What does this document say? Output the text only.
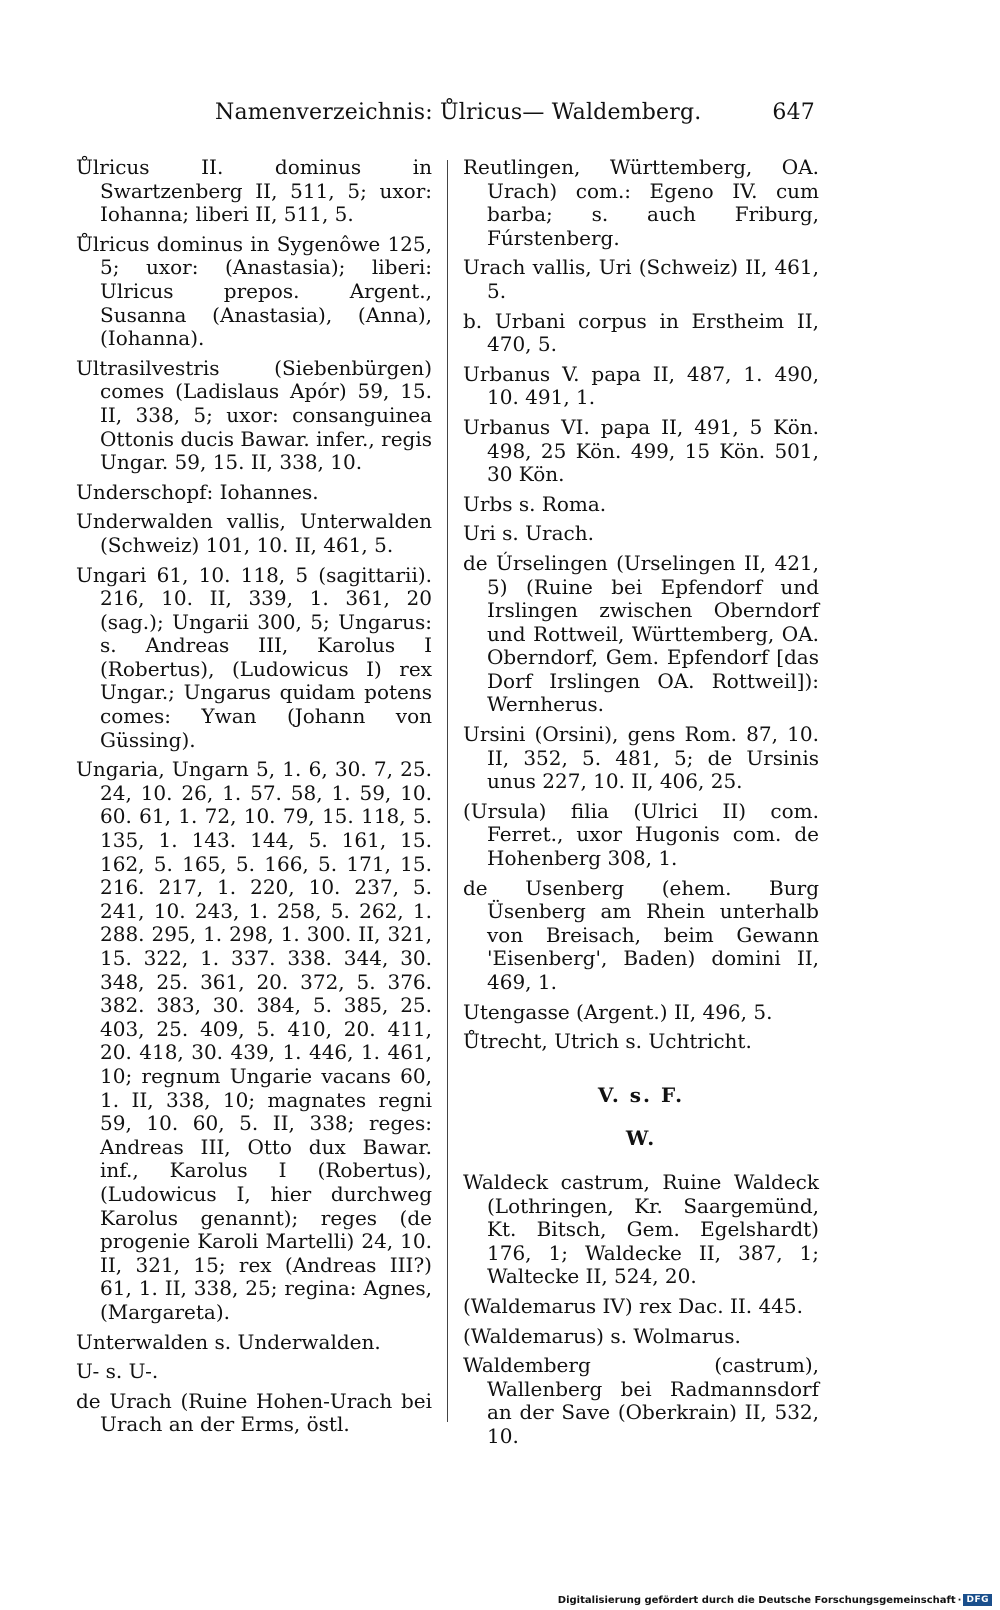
Namenverzeichnis: Ůlricus— Waldemberg.	647
Ůlricus II. dominus in Swartzenberg II, 511, 5; uxor: Iohanna; liberi II, 511, 5.
Ůlricus dominus in Sygenôwe 125, 5; uxor: (Anastasia); liberi: Ulricus prepos. Argent., Susanna (Anastasia), (Anna), (Iohanna).
Ultrasilvestris (Siebenbürgen) comes (Ladislaus Apór) 59, 15. II, 338, 5; uxor: consanguinea Ottonis ducis Bawar. infer., regis Ungar. 59, 15. II, 338, 10.
Underschopf: Iohannes.
Underwalden vallis, Unterwalden (Schweiz) 101, 10. II, 461, 5.
Ungari 61, 10. 118, 5 (sagittarii). 216, 10. II, 339, 1. 361, 20 (sag.); Ungarii 300, 5; Ungarus: s. Andreas III, Karolus I (Robertus), (Ludowicus I) rex Ungar.; Ungarus quidam potens comes: Ywan (Johann von Güssing).
Ungaria, Ungarn 5, 1. 6, 30. 7, 25. 24, 10. 26, 1. 57. 58, 1. 59, 10. 60. 61, 1. 72, 10. 79, 15. 118, 5. 135, 1. 143. 144, 5. 161, 15. 162, 5. 165, 5. 166, 5. 171, 15. 216. 217, 1. 220, 10. 237, 5. 241, 10. 243, 1. 258, 5. 262, 1. 288. 295, 1. 298, 1. 300. II, 321, 15. 322, 1. 337. 338. 344, 30. 348, 25. 361, 20. 372, 5. 376. 382. 383, 30. 384, 5. 385, 25. 403, 25. 409, 5. 410, 20. 411, 20. 418, 30. 439, 1. 446, 1. 461, 10; regnum Ungarie vacans 60, 1. II, 338, 10; magnates regni 59, 10. 60, 5. II, 338; reges: Andreas III, Otto dux Bawar. inf., Karolus I (Robertus), (Ludowicus I, hier durchweg Karolus genannt); reges (de progenie Karoli Martelli) 24, 10. II, 321, 15; rex (Andreas III?) 61, 1. II, 338, 25; regina: Agnes, (Margareta).
Unterwalden s. Underwalden.
U- s. U-.
de Urach (Ruine Hohen-Urach bei Urach an der Erms, östl.
Reutlingen, Württemberg, OA. Urach) com.: Egeno IV. cum barba; s. auch Friburg, Fúrstenberg.
Urach vallis, Uri (Schweiz) II, 461, 5.
b. Urbani corpus in Erstheim II, 470, 5.
Urbanus V. papa II, 487, 1. 490, 10. 491, 1.
Urbanus VI. papa II, 491, 5 Kön. 498, 25 Kön. 499, 15 Kön. 501, 30 Kön.
Urbs s. Roma.
Uri s. Urach.
de Úrselingen (Urselingen II, 421, 5) (Ruine bei Epfendorf und Irslingen zwischen Oberndorf und Rottweil, Württemberg, OA. Oberndorf, Gem. Epfendorf [das Dorf Irslingen OA. Rottweil]): Wernherus.
Ursini (Orsini), gens Rom. 87, 10. II, 352, 5. 481, 5; de Ursinis unus 227, 10. II, 406, 25.
(Ursula) filia (Ulrici II) com. Ferret., uxor Hugonis com. de Hohenberg 308, 1.
de Usenberg (ehem. Burg Üsenberg am Rhein unterhalb von Breisach, beim Gewann 'Eisenberg', Baden) domini II, 469, 1.
Utengasse (Argent.) II, 496, 5.
Ůtrecht, Utrich s. Uchtricht.
V. s. F.
W.
Waldeck castrum, Ruine Waldeck (Lothringen, Kr. Saargemünd, Kt. Bitsch, Gem. Egelshardt) 176, 1; Waldecke II, 387, 1; Waltecke II, 524, 20.
(Waldemarus IV) rex Dac. II. 445.
(Waldemarus) s. Wolmarus.
Waldemberg (castrum), Wallenberg bei Radmannsdorf an der Save (Oberkrain) II, 532, 10.
Digitalisierung gefördert durch die Deutsche Forschungsgemeinschaft · DFG
